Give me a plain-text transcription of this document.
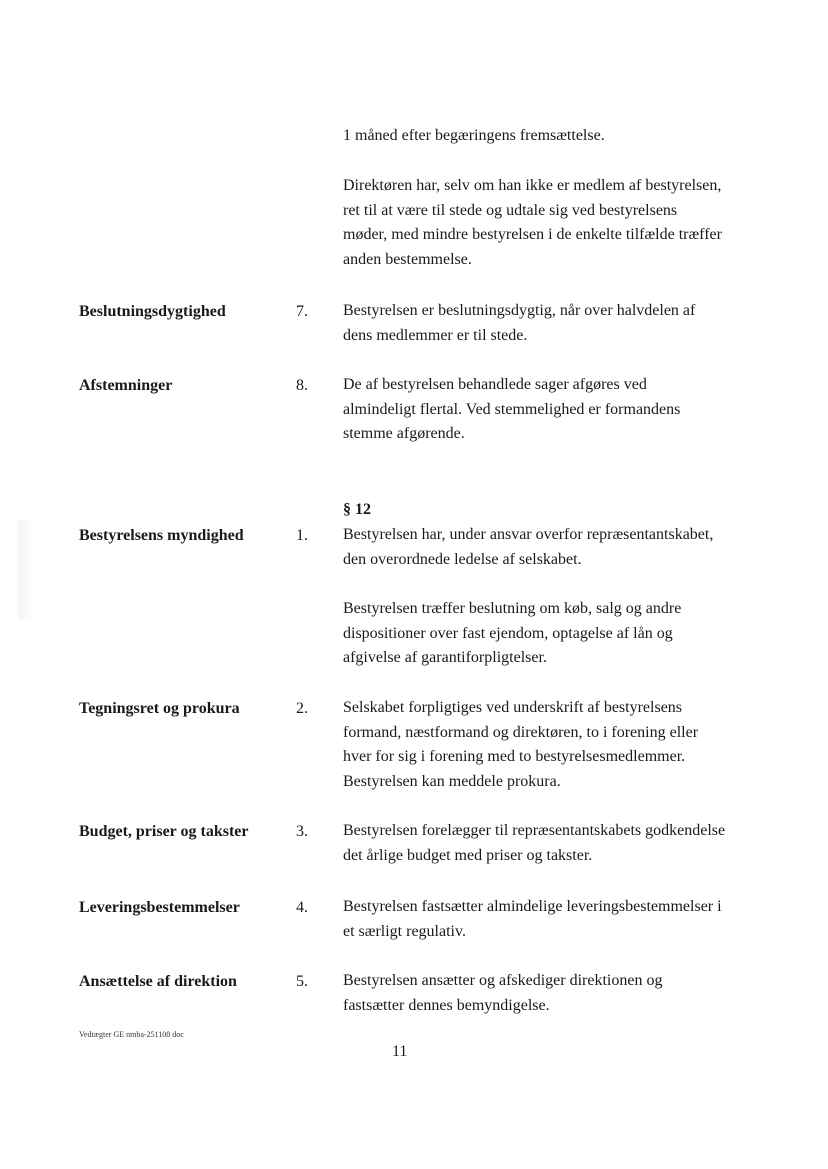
1 måned efter begæringens fremsættelse.

Direktøren har, selv om han ikke er medlem af bestyrelsen, ret til at være til stede og udtale sig ved bestyrelsens møder, med mindre bestyrelsen i de enkelte tilfælde træffer anden bestemmelse.

Beslutningsdygtighed	7. Bestyrelsen er beslutningsdygtig, når over halvdelen af dens medlemmer er til stede.

Afstemninger	8. De af bestyrelsen behandlede sager afgøres ved almindeligt flertal. Ved stemmelighed er formandens stemme afgørende.

§ 12
Bestyrelsens myndighed	1. Bestyrelsen har, under ansvar overfor repræsentantskabet, den overordnede ledelse af selskabet.

Bestyrelsen træffer beslutning om køb, salg og andre dispositioner over fast ejendom, optagelse af lån og afgivelse af garantiforpligtelser.

Tegningsret og prokura	2. Selskabet forpligtiges ved underskrift af bestyrelsens formand, næstformand og direktøren, to i forening eller hver for sig i forening med to bestyrelsesmedlemmer. Bestyrelsen kan meddele prokura.

Budget, priser og takster	3. Bestyrelsen forelægger til repræsentantskabets godkendelse det årlige budget med priser og takster.

Leveringsbestemmelser	4. Bestyrelsen fastsætter almindelige leveringsbestemmelser i et særligt regulativ.

Ansættelse af direktion	5. Bestyrelsen ansætter og afskediger direktionen og fastsætter dennes bemyndigelse.

Vedtægter GE nmba-251108 doc
11
